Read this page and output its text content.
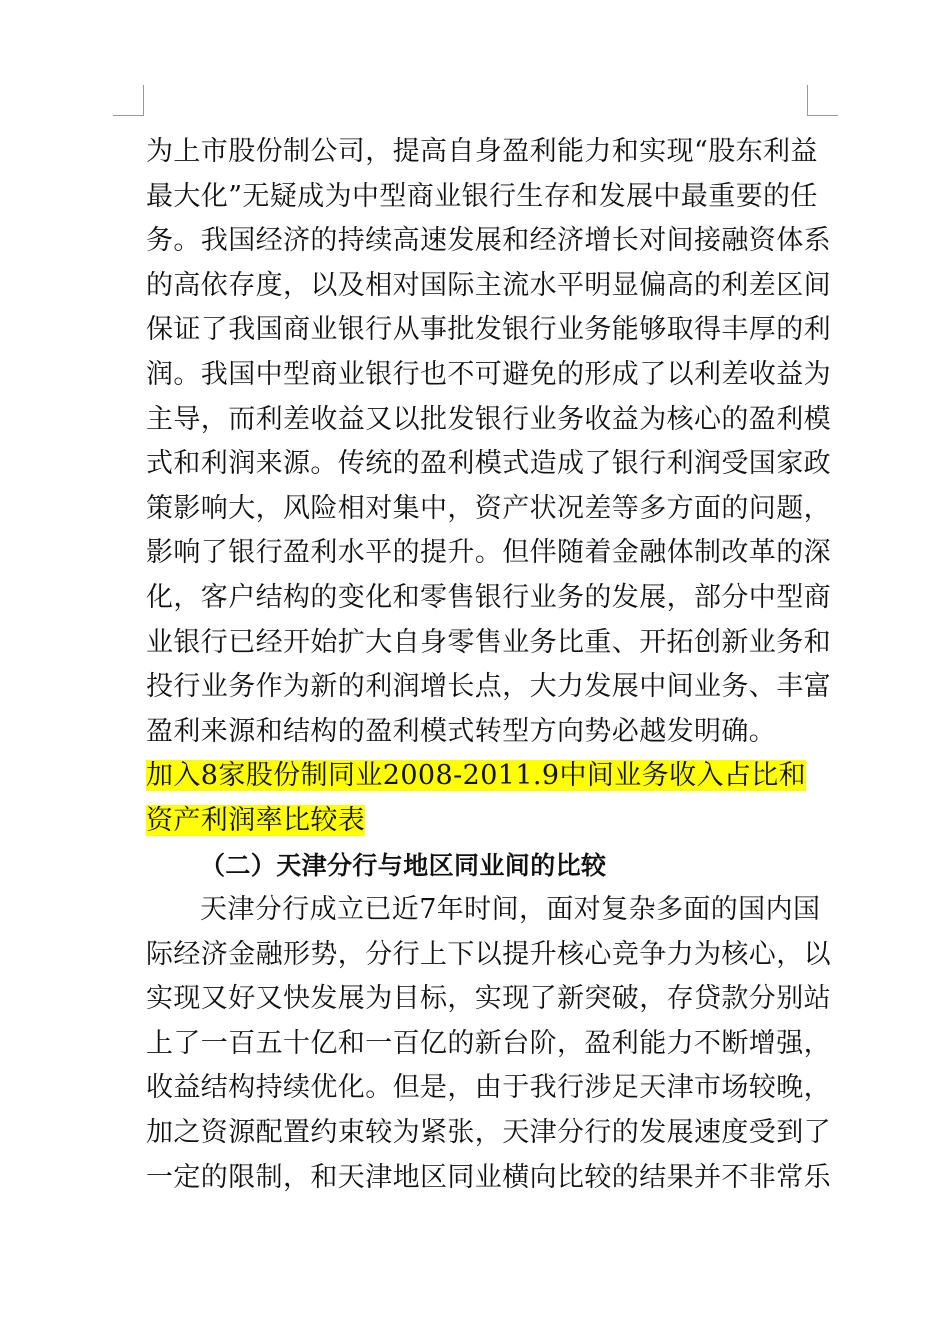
为上市股份制公司，提高自身盈利能力和实现“股东利益
最大化”无疑成为中型商业银行生存和发展中最重要的任
务。我国经济的持续高速发展和经济增长对间接融资体系
的高依存度，以及相对国际主流水平明显偏高的利差区间
保证了我国商业银行从事批发银行业务能够取得丰厚的利
润。我国中型商业银行也不可避免的形成了以利差收益为
主导，而利差收益又以批发银行业务收益为核心的盈利模
式和利润来源。传统的盈利模式造成了银行利润受国家政
策影响大，风险相对集中，资产状况差等多方面的问题，
影响了银行盈利水平的提升。但伴随着金融体制改革的深
化，客户结构的变化和零售银行业务的发展，部分中型商
业银行已经开始扩大自身零售业务比重、开拓创新业务和
投行业务作为新的利润增长点，大力发展中间业务、丰富
盈利来源和结构的盈利模式转型方向势必越发明确。
加入8家股份制同业2008-2011.9中间业务收入占比和
资产利润率比较表
（二）天津分行与地区同业间的比较
天津分行成立已近7年时间，面对复杂多面的国内国
际经济金融形势，分行上下以提升核心竞争力为核心，以
实现又好又快发展为目标，实现了新突破，存贷款分别站
上了一百五十亿和一百亿的新台阶，盈利能力不断增强，
收益结构持续优化。但是，由于我行涉足天津市场较晚，
加之资源配置约束较为紧张，天津分行的发展速度受到了
一定的限制，和天津地区同业横向比较的结果并不非常乐
